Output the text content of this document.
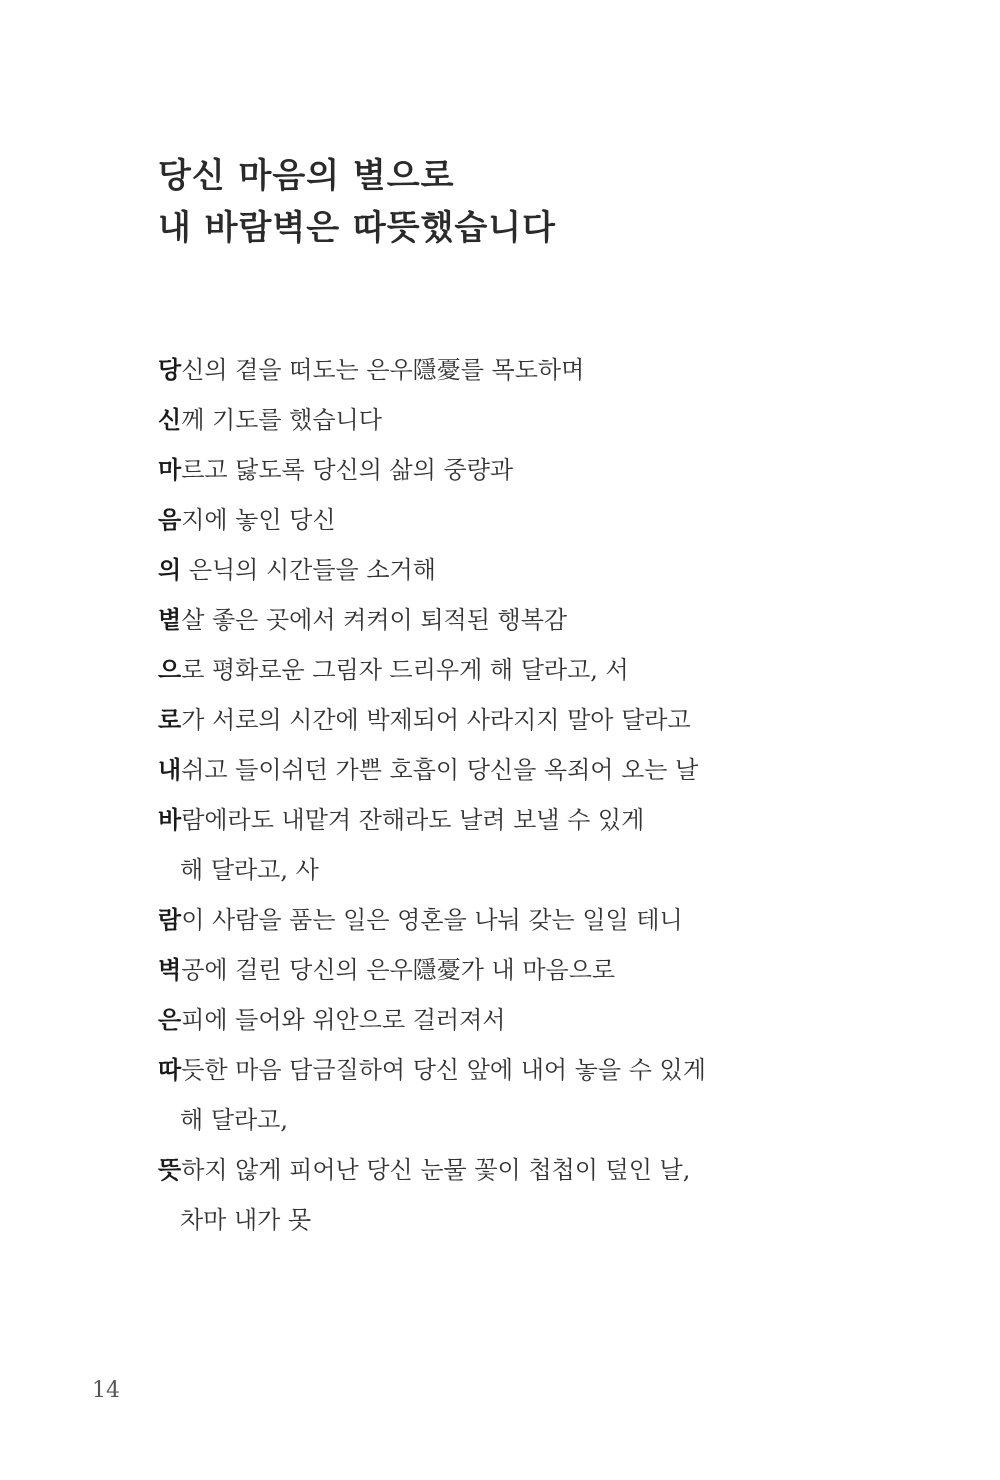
당신 마음의 별으로
내 바람벽은 따뜻했습니다
당신의 곁을 떠도는 은우隱憂를 목도하며
신께 기도를 했습니다
마르고 닳도록 당신의 삶의 중량과
음지에 놓인 당신
의 은닉의 시간들을 소거해
볕살 좋은 곳에서 켜켜이 퇴적된 행복감
으로 평화로운 그림자 드리우게 해 달라고, 서
로가 서로의 시간에 박제되어 사라지지 말아 달라고
내쉬고 들이쉬던 가쁜 호흡이 당신을 옥죄어 오는 날
바람에라도 내맡겨 잔해라도 날려 보낼 수 있게
해 달라고, 사
람이 사람을 품는 일은 영혼을 나눠 갖는 일일 테니
벽공에 걸린 당신의 은우隱憂가 내 마음으로
은피에 들어와 위안으로 걸러져서
따듯한 마음 담금질하여 당신 앞에 내어 놓을 수 있게
해 달라고,
뜻하지 않게 피어난 당신 눈물 꽃이 첩첩이 덮인 날,
차마 내가 못
14
